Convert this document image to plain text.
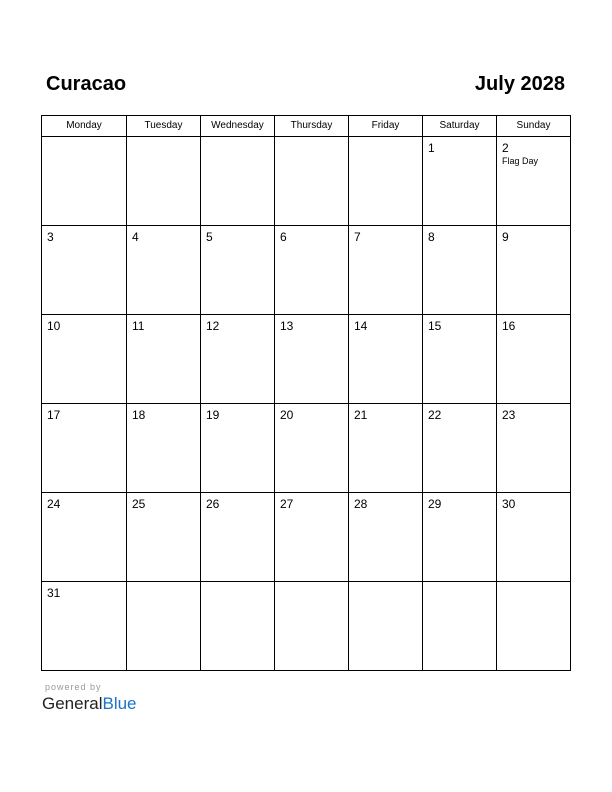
Curacao	July 2028
Monday	Tuesday	Wednesday	Thursday	Friday	Saturday	Sunday

					1	2
Flag Day

3	4	5	6	7	8	9

10	11	12	13	14	15	16

17	18	19	20	21	22	23

24	25	26	27	28	29	30

31						

powered by
GeneralBlue
